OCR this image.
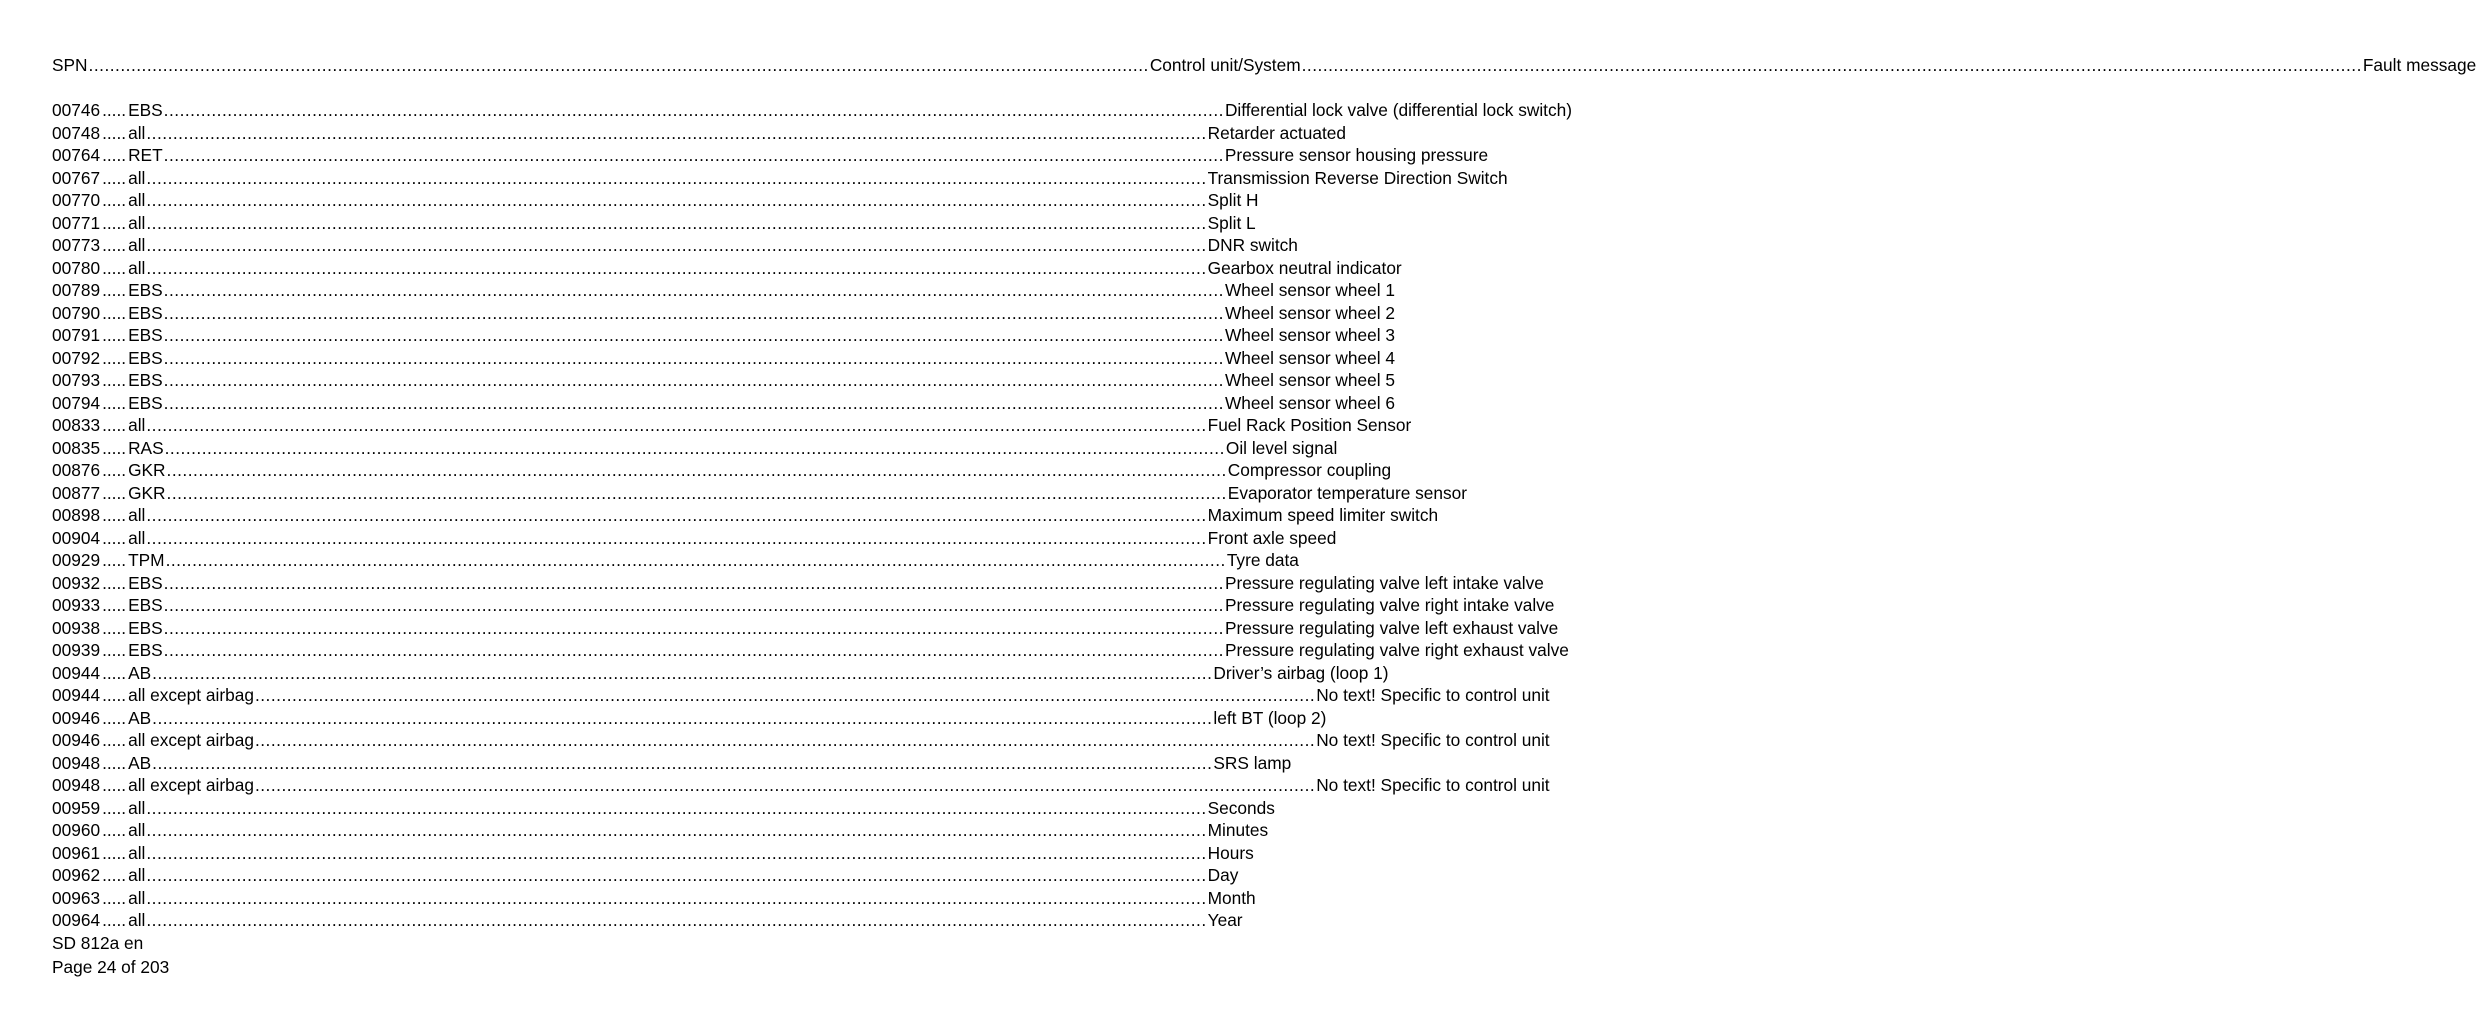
SPN ........................................................................................................................................................................................................ Control unit/System ........................................................................................................................................................................................................ Fault message
00746 ..... EBS ........................................................................................................................................................................................................ Differential lock valve (differential lock switch)
00748 ..... all ........................................................................................................................................................................................................ Retarder actuated
00764 ..... RET ........................................................................................................................................................................................................ Pressure sensor housing pressure
00767 ..... all ........................................................................................................................................................................................................ Transmission Reverse Direction Switch
00770 ..... all ........................................................................................................................................................................................................ Split H
00771 ..... all ........................................................................................................................................................................................................ Split L
00773 ..... all ........................................................................................................................................................................................................ DNR switch
00780 ..... all ........................................................................................................................................................................................................ Gearbox neutral indicator
00789 ..... EBS ........................................................................................................................................................................................................ Wheel sensor wheel 1
00790 ..... EBS ........................................................................................................................................................................................................ Wheel sensor wheel 2
00791 ..... EBS ........................................................................................................................................................................................................ Wheel sensor wheel 3
00792 ..... EBS ........................................................................................................................................................................................................ Wheel sensor wheel 4
00793 ..... EBS ........................................................................................................................................................................................................ Wheel sensor wheel 5
00794 ..... EBS ........................................................................................................................................................................................................ Wheel sensor wheel 6
00833 ..... all ........................................................................................................................................................................................................ Fuel Rack Position Sensor
00835 ..... RAS ........................................................................................................................................................................................................ Oil level signal
00876 ..... GKR ........................................................................................................................................................................................................ Compressor coupling
00877 ..... GKR ........................................................................................................................................................................................................ Evaporator temperature sensor
00898 ..... all ........................................................................................................................................................................................................ Maximum speed limiter switch
00904 ..... all ........................................................................................................................................................................................................ Front axle speed
00929 ..... TPM ........................................................................................................................................................................................................ Tyre data
00932 ..... EBS ........................................................................................................................................................................................................ Pressure regulating valve left intake valve
00933 ..... EBS ........................................................................................................................................................................................................ Pressure regulating valve right intake valve
00938 ..... EBS ........................................................................................................................................................................................................ Pressure regulating valve left exhaust valve
00939 ..... EBS ........................................................................................................................................................................................................ Pressure regulating valve right exhaust valve
00944 ..... AB ........................................................................................................................................................................................................ Driver’s airbag (loop 1)
00944 ..... all except airbag ........................................................................................................................................................................................................ No text! Specific to control unit
00946 ..... AB ........................................................................................................................................................................................................ left BT (loop 2)
00946 ..... all except airbag ........................................................................................................................................................................................................ No text! Specific to control unit
00948 ..... AB ........................................................................................................................................................................................................ SRS lamp
00948 ..... all except airbag ........................................................................................................................................................................................................ No text! Specific to control unit
00959 ..... all ........................................................................................................................................................................................................ Seconds
00960 ..... all ........................................................................................................................................................................................................ Minutes
00961 ..... all ........................................................................................................................................................................................................ Hours
00962 ..... all ........................................................................................................................................................................................................ Day
00963 ..... all ........................................................................................................................................................................................................ Month
00964 ..... all ........................................................................................................................................................................................................ Year
SD 812a en
Page 24 of 203
